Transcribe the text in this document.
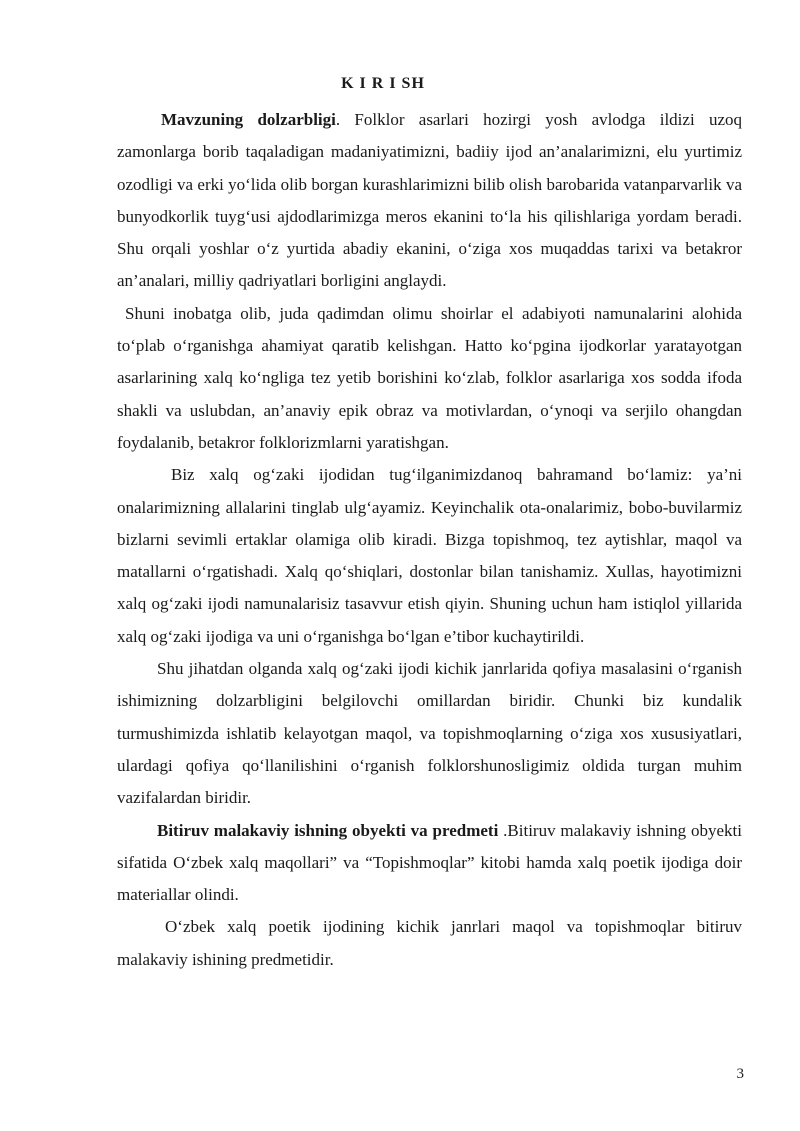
K I R I SH

Mavzuning dolzarbligi. Folklor asarlari hozirgi yosh avlodga ildizi uzoq zamonlarga borib taqaladigan madaniyatimizni, badiiy ijod an’analarimizni, elu yurtimiz ozodligi va erki yo‘lida olib borgan kurashlarimizni bilib olish barobarida vatanparvarlik va bunyodkorlik tuyg‘usi ajdodlarimizga meros ekanini to‘la his qilishlariga yordam beradi. Shu orqali yoshlar o‘z yurtida abadiy ekanini, o‘ziga xos muqaddas tarixi va betakror an’analari, milliy qadriyatlari borligini anglaydi.

Shuni inobatga olib, juda qadimdan olimu shoirlar el adabiyoti namunalarini alohida to‘plab o‘rganishga ahamiyat qaratib kelishgan. Hatto ko‘pgina ijodkorlar yaratayotgan asarlarining xalq ko‘ngliga tez yetib borishini ko‘zlab, folklor asarlariga xos sodda ifoda shakli va uslubdan, an’anaviy epik obraz va motivlardan, o‘ynoqi va serjilo ohangdan foydalanib, betakror folklorizmlarni yaratishgan.

Biz xalq og‘zaki ijodidan tug‘ilganimizdanoq bahramand bo‘lamiz: ya’ni onalarimizning allalarini tinglab ulg‘ayamiz. Keyinchalik ota-onalarimiz, bobo-buvilarmiz bizlarni sevimli ertaklar olamiga olib kiradi. Bizga topishmoq, tez aytishlar, maqol va matallarni o‘rgatishadi. Xalq qo‘shiqlari, dostonlar bilan tanishamiz. Xullas, hayotimizni xalq og‘zaki ijodi namunalarisiz tasavvur etish qiyin. Shuning uchun ham istiqlol yillarida xalq og‘zaki ijodiga va uni o‘rganishga bo‘lgan e’tibor kuchaytirildi.

Shu jihatdan olganda xalq og‘zaki ijodi kichik janrlarida qofiya masalasini o‘rganish ishimizning dolzarbligini belgilovchi omillardan biridir. Chunki biz kundalik turmushimizda ishlatib kelayotgan maqol, va topishmoqlarning o‘ziga xos xususiyatlari, ulardagi qofiya qo‘llanilishini o‘rganish folklorshunosligimiz oldida turgan muhim vazifalardan biridir.

Bitiruv malakaviy ishning obyekti va predmeti .Bitiruv malakaviy ishning obyekti sifatida O‘zbek xalq maqollari” va “Topishmoqlar” kitobi hamda xalq poetik ijodiga doir materiallar olindi.

O‘zbek xalq poetik ijodining kichik janrlari maqol va topishmoqlar bitiruv malakaviy ishining predmetidir.

3
